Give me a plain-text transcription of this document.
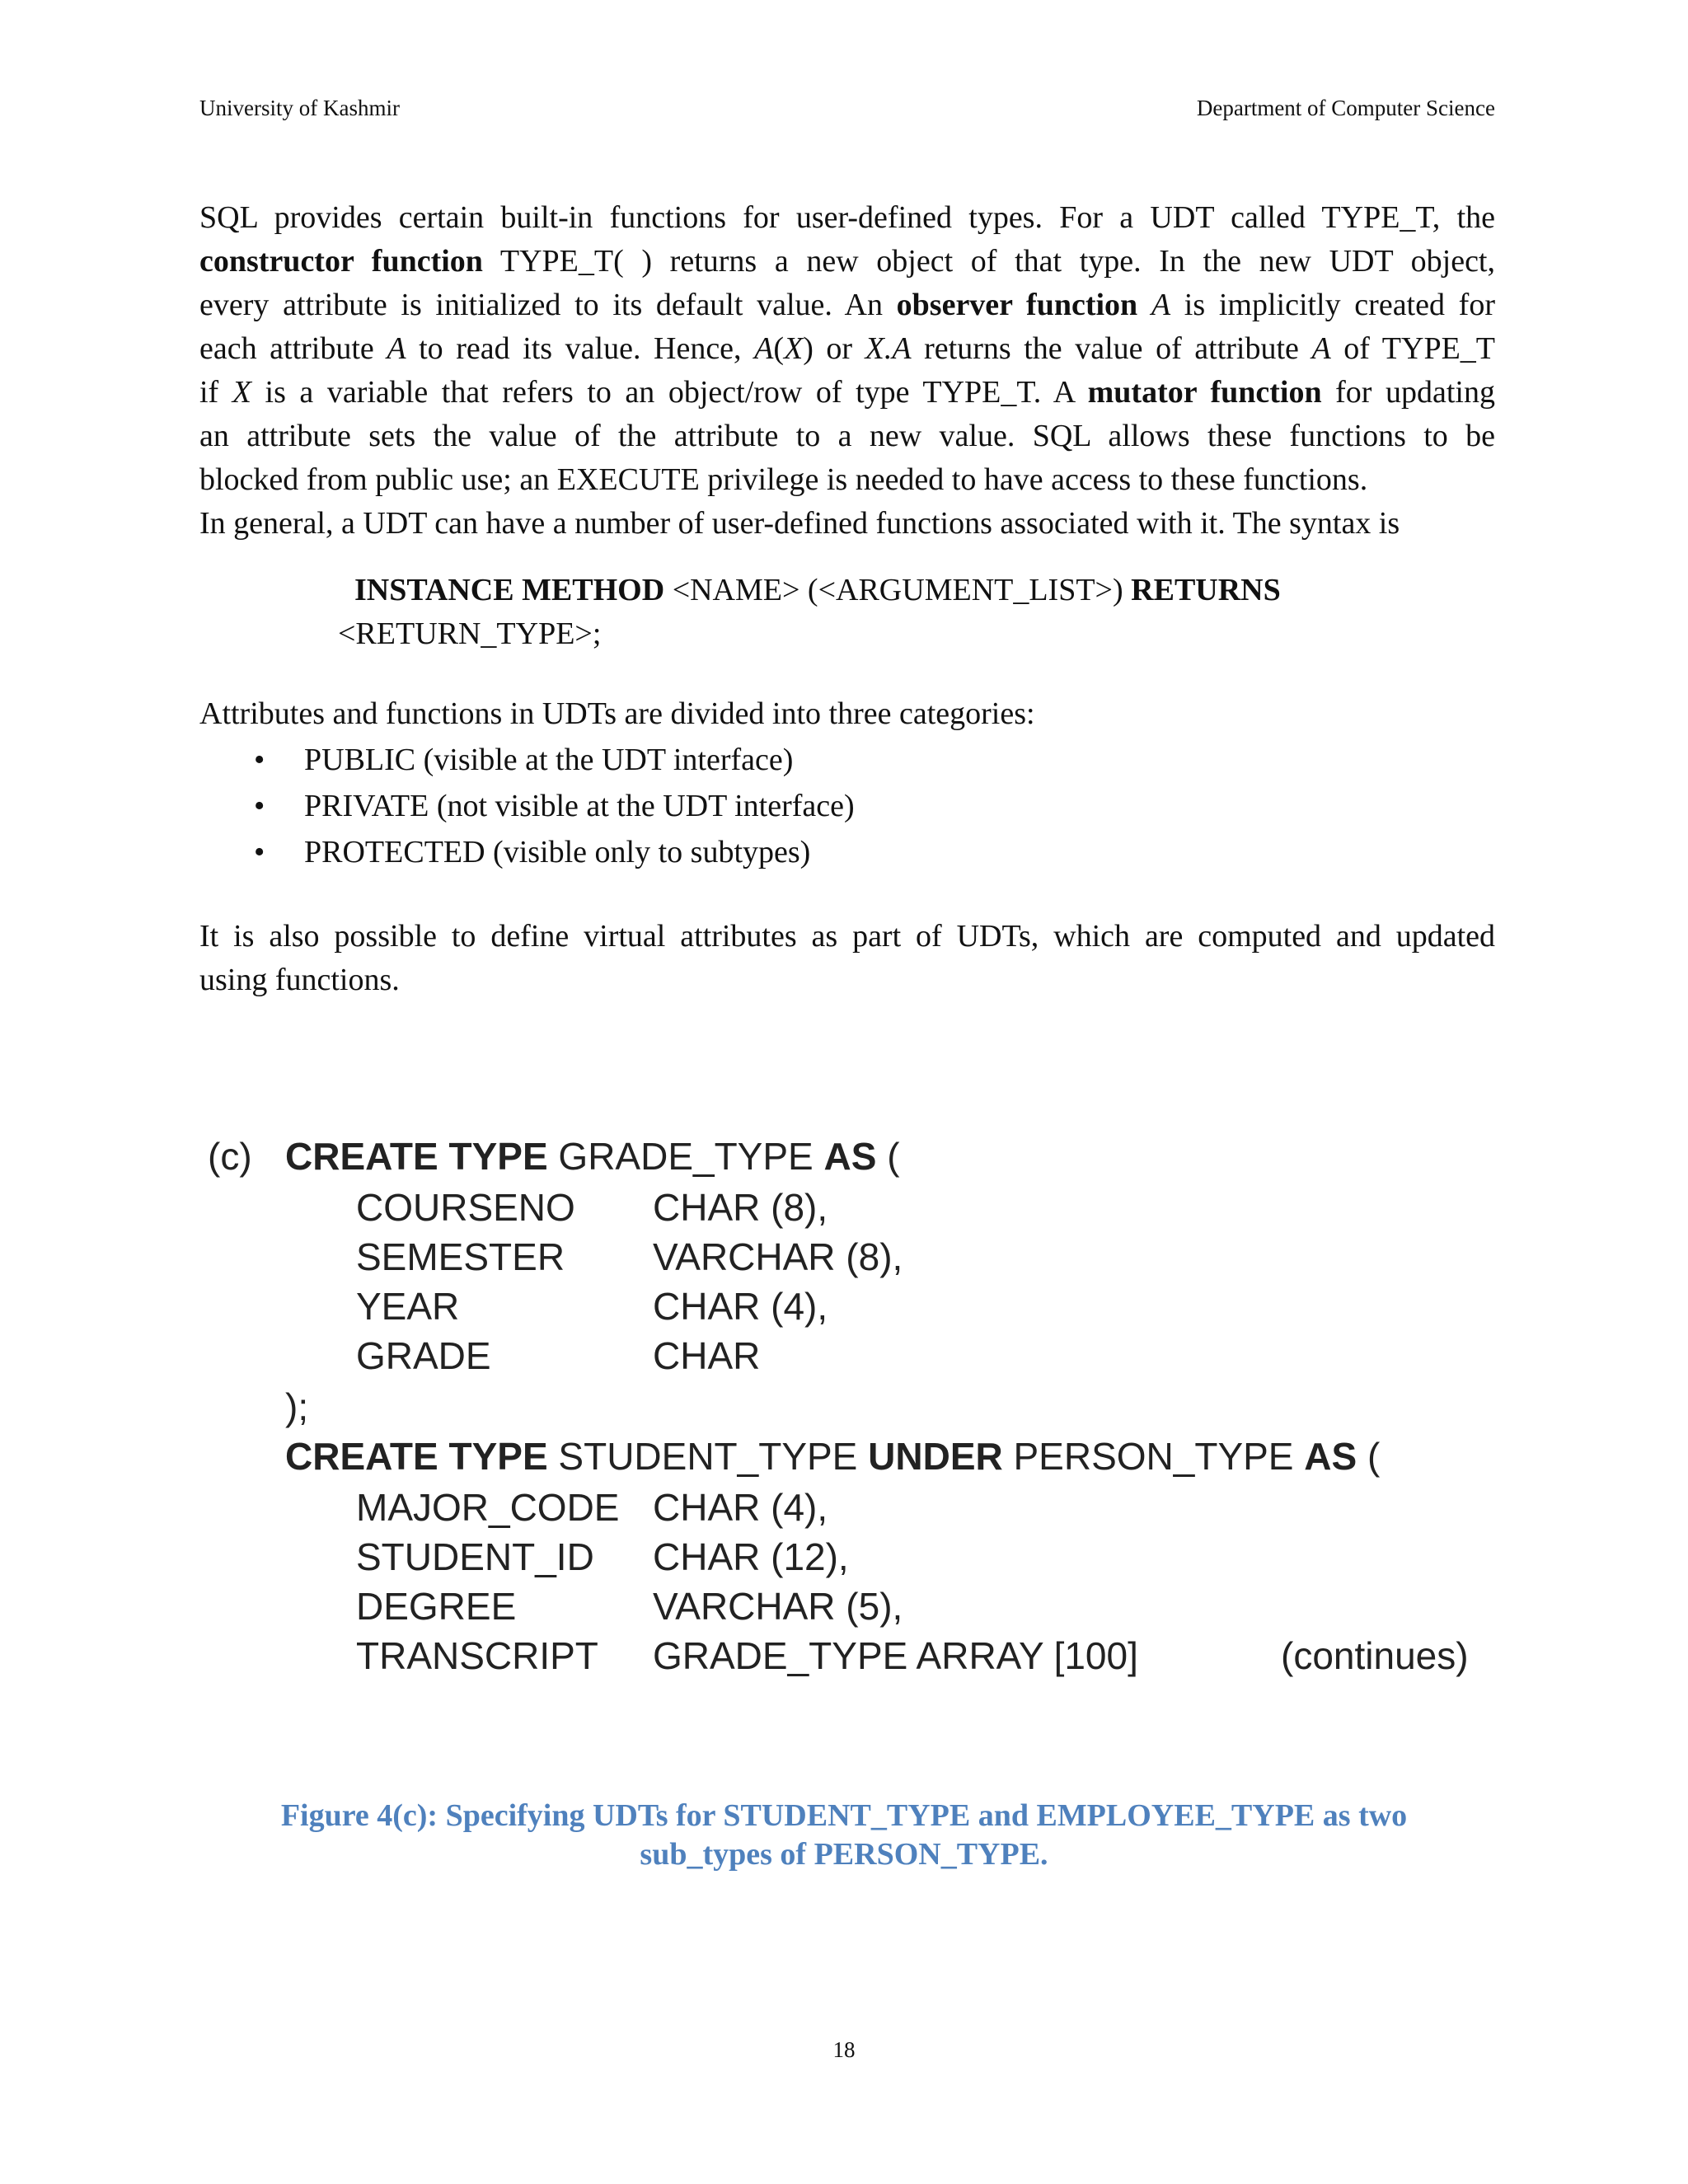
University of Kashmir	Department of Computer Science
SQL provides certain built-in functions for user-defined types. For a UDT called TYPE_T, the
constructor function TYPE_T( ) returns a new object of that type. In the new UDT object,
every attribute is initialized to its default value. An observer function A is implicitly created for
each attribute A to read its value. Hence, A(X) or X.A returns the value of attribute A of TYPE_T
if X is a variable that refers to an object/row of type TYPE_T. A mutator function for updating
an attribute sets the value of the attribute to a new value. SQL allows these functions to be
blocked from public use; an EXECUTE privilege is needed to have access to these functions.
In general, a UDT can have a number of user-defined functions associated with it. The syntax is
INSTANCE METHOD <NAME> (<ARGUMENT_LIST>) RETURNS
<RETURN_TYPE>;
Attributes and functions in UDTs are divided into three categories:
• PUBLIC (visible at the UDT interface)
• PRIVATE (not visible at the UDT interface)
• PROTECTED (visible only to subtypes)
It is also possible to define virtual attributes as part of UDTs, which are computed and updated
using functions.
(c) CREATE TYPE GRADE_TYPE AS (
COURSENO CHAR (8),
SEMESTER VARCHAR (8),
YEAR	CHAR (4),
GRADE	CHAR
);
CREATE TYPE STUDENT_TYPE UNDER PERSON_TYPE AS (
MAJOR_CODE CHAR (4),
STUDENT_ID CHAR (12),
DEGREE	VARCHAR (5),
TRANSCRIPT GRADE_TYPE ARRAY [100]	(continues)
Figure 4(c): Specifying UDTs for STUDENT_TYPE and EMPLOYEE_TYPE as two
sub_types of PERSON_TYPE.
18
